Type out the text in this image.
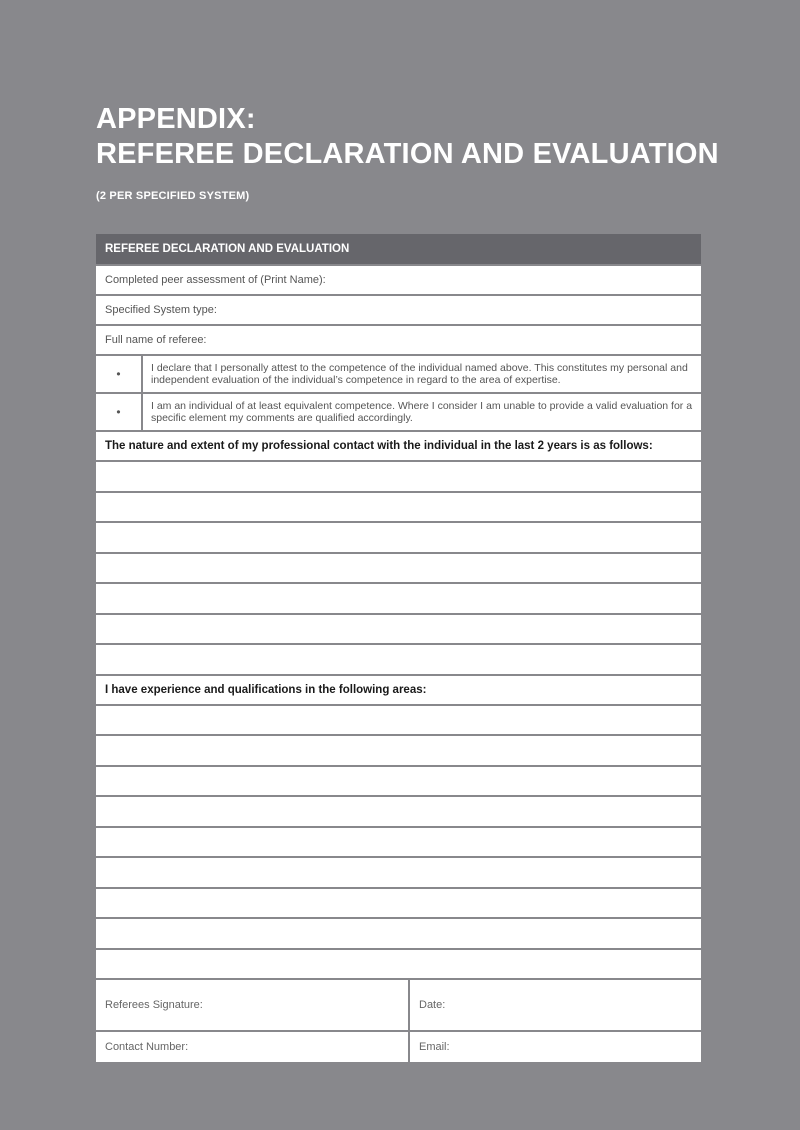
APPENDIX:
REFEREE DECLARATION AND EVALUATION
(2 PER SPECIFIED SYSTEM)
REFEREE DECLARATION AND EVALUATION
Completed peer assessment of (Print Name):
Specified System type:
Full name of referee:
•	I declare that I personally attest to the competence of the individual named above. This constitutes my personal and independent evaluation of the individual’s competence in regard to the area of expertise.
•	I am an individual of at least equivalent competence. Where I consider I am unable to provide a valid evaluation for a specific element my comments are qualified accordingly.
The nature and extent of my professional contact with the individual in the last 2 years is as follows:
I have experience and qualifications in the following areas:
Referees Signature:	Date:
Contact Number:	Email:
